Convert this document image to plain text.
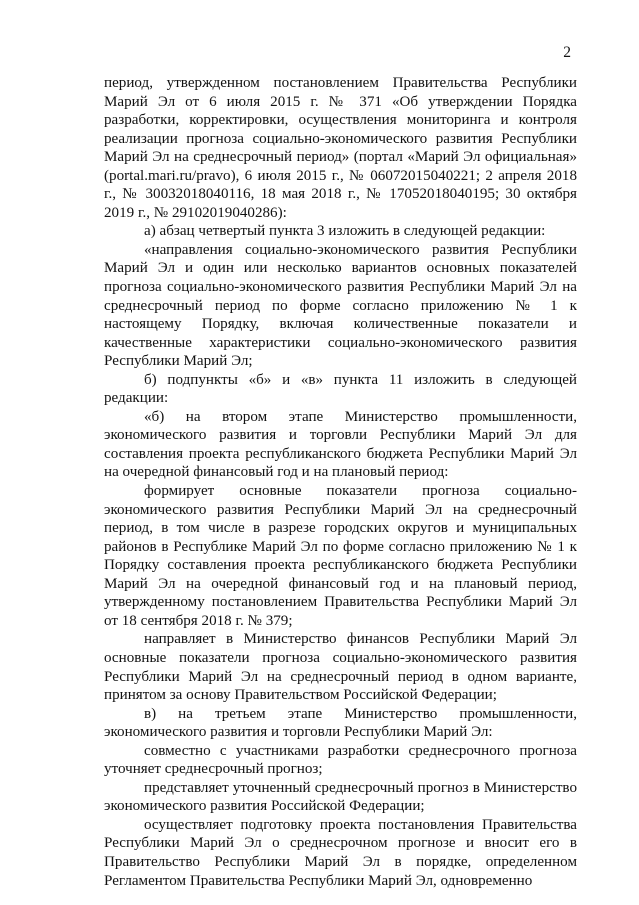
2

период, утвержденном постановлением Правительства Республики Марий Эл от 6 июля 2015 г. № 371 «Об утверждении Порядка разработки, корректировки, осуществления мониторинга и контроля реализации прогноза социально-экономического развития Республики Марий Эл на среднесрочный период» (портал «Марий Эл официальная» (portal.mari.ru/pravo), 6 июля 2015 г., № 06072015040221; 2 апреля 2018 г., № 30032018040116, 18 мая 2018 г., № 17052018040195; 30 октября 2019 г., № 29102019040286):

а) абзац четвертый пункта 3 изложить в следующей редакции:

«направления социально-экономического развития Республики Марий Эл и один или несколько вариантов основных показателей прогноза социально-экономического развития Республики Марий Эл на среднесрочный период по форме согласно приложению № 1 к настоящему Порядку, включая количественные показатели и качественные характеристики социально-экономического развития Республики Марий Эл;

б) подпункты «б» и «в» пункта 11 изложить в следующей редакции:

«б) на втором этапе Министерство промышленности, экономического развития и торговли Республики Марий Эл для составления проекта республиканского бюджета Республики Марий Эл на очередной финансовый год и на плановый период:

формирует основные показатели прогноза социально-экономического развития Республики Марий Эл на среднесрочный период, в том числе в разрезе городских округов и муниципальных районов в Республике Марий Эл по форме согласно приложению № 1 к Порядку составления проекта республиканского бюджета Республики Марий Эл на очередной финансовый год и на плановый период, утвержденному постановлением Правительства Республики Марий Эл от 18 сентября 2018 г. № 379;

направляет в Министерство финансов Республики Марий Эл основные показатели прогноза социально-экономического развития Республики Марий Эл на среднесрочный период в одном варианте, принятом за основу Правительством Российской Федерации;

в) на третьем этапе Министерство промышленности, экономического развития и торговли Республики Марий Эл:

совместно с участниками разработки среднесрочного прогноза уточняет среднесрочный прогноз;

представляет уточненный среднесрочный прогноз в Министерство экономического развития Российской Федерации;

осуществляет подготовку проекта постановления Правительства Республики Марий Эл о среднесрочном прогнозе и вносит его в Правительство Республики Марий Эл в порядке, определенном Регламентом Правительства Республики Марий Эл, одновременно
